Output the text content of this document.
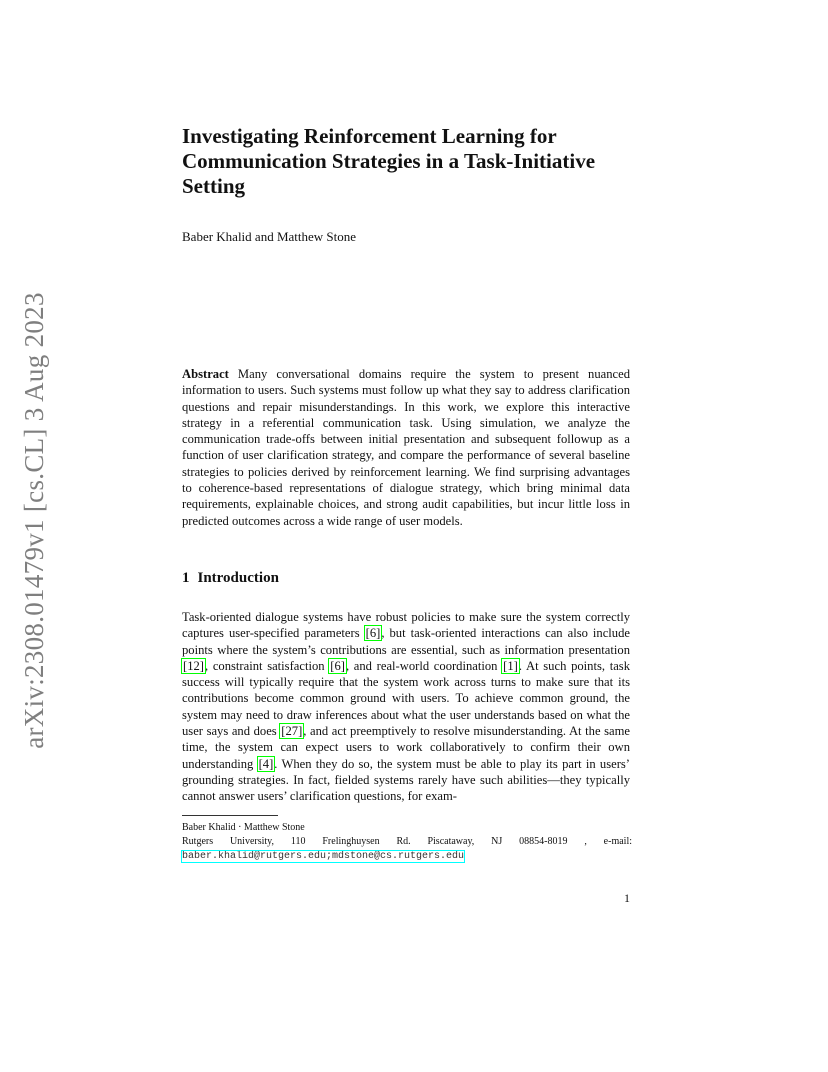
arXiv:2308.01479v1 [cs.CL] 3 Aug 2023
Investigating Reinforcement Learning for
Communication Strategies in a Task-Initiative
Setting
Baber Khalid and Matthew Stone
Abstract Many conversational domains require the system to present nuanced information to users. Such systems must follow up what they say to address clarification questions and repair misunderstandings. In this work, we explore this interactive strategy in a referential communication task. Using simulation, we analyze the communication trade-offs between initial presentation and subsequent followup as a function of user clarification strategy, and compare the performance of several baseline strategies to policies derived by reinforcement learning. We find surprising advantages to coherence-based representations of dialogue strategy, which bring minimal data requirements, explainable choices, and strong audit capabilities, but incur little loss in predicted outcomes across a wide range of user models.
1 Introduction
Task-oriented dialogue systems have robust policies to make sure the system correctly captures user-specified parameters [6], but task-oriented interactions can also include points where the system’s contributions are essential, such as information presentation [12], constraint satisfaction [6], and real-world coordination [1]. At such points, task success will typically require that the system work across turns to make sure that its contributions become common ground with users. To achieve common ground, the system may need to draw inferences about what the user understands based on what the user says and does [27], and act preemptively to resolve misunderstanding. At the same time, the system can expect users to work collaboratively to confirm their own understanding [4]. When they do so, the system must be able to play its part in users’ grounding strategies. In fact, fielded systems rarely have such abilities—they typically cannot answer users’ clarification questions, for exam-
Baber Khalid · Matthew Stone
Rutgers University, 110 Frelinghuysen Rd. Piscataway, NJ 08854-8019 , e-mail: baber.khalid@rutgers.edu;mdstone@cs.rutgers.edu
1
